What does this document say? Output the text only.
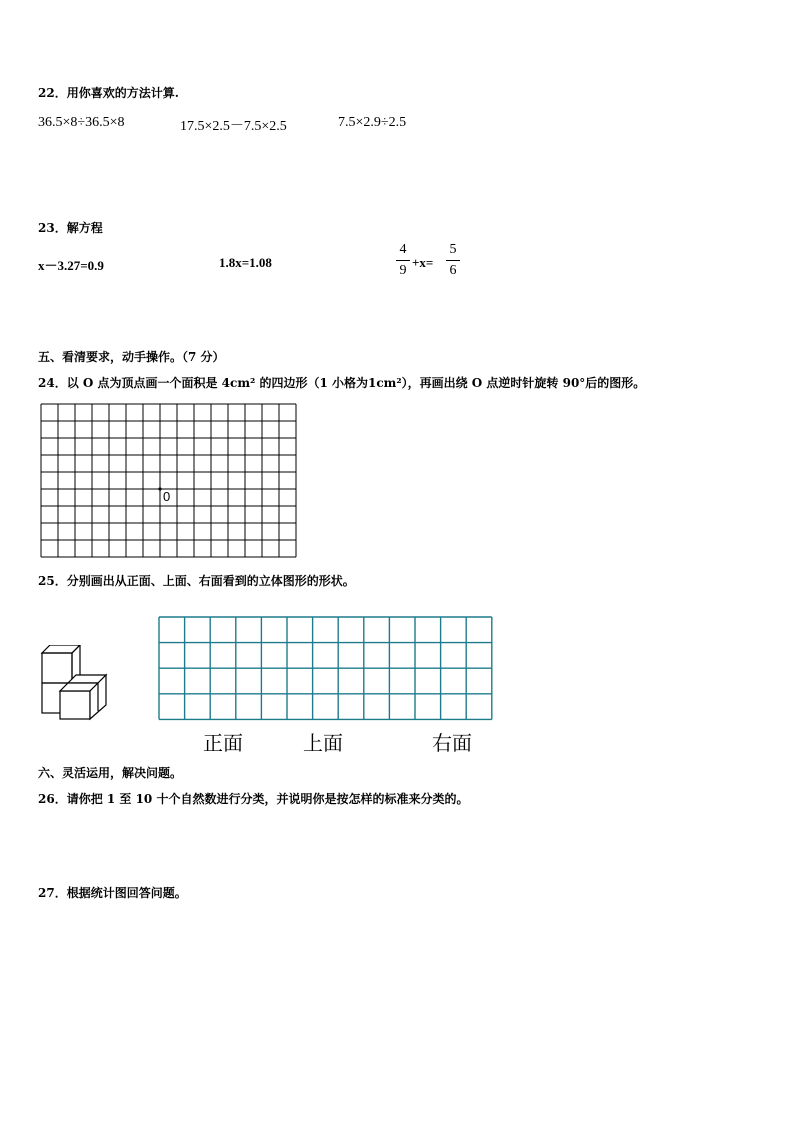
22．用你喜欢的方法计算.
36.5×8÷36.5×8	17.5×2.5－7.5×2.5	7.5×2.9÷2.5
23．解方程
x－3.27=0.9	1.8x=1.08
4
9
+x=
5
6
五、看清要求，动手操作。（7 分）
24．以 O 点为顶点画一个面积是 4cm² 的四边形（1 小格为1cm²），再画出绕 O 点逆时针旋转 90°后的图形。
0
25．分别画出从正面、上面、右面看到的立体图形的形状。
正面	上面	右面
六、灵活运用，解决问题。
26．请你把 1 至 10 十个自然数进行分类，并说明你是按怎样的标准来分类的。
27．根据统计图回答问题。
